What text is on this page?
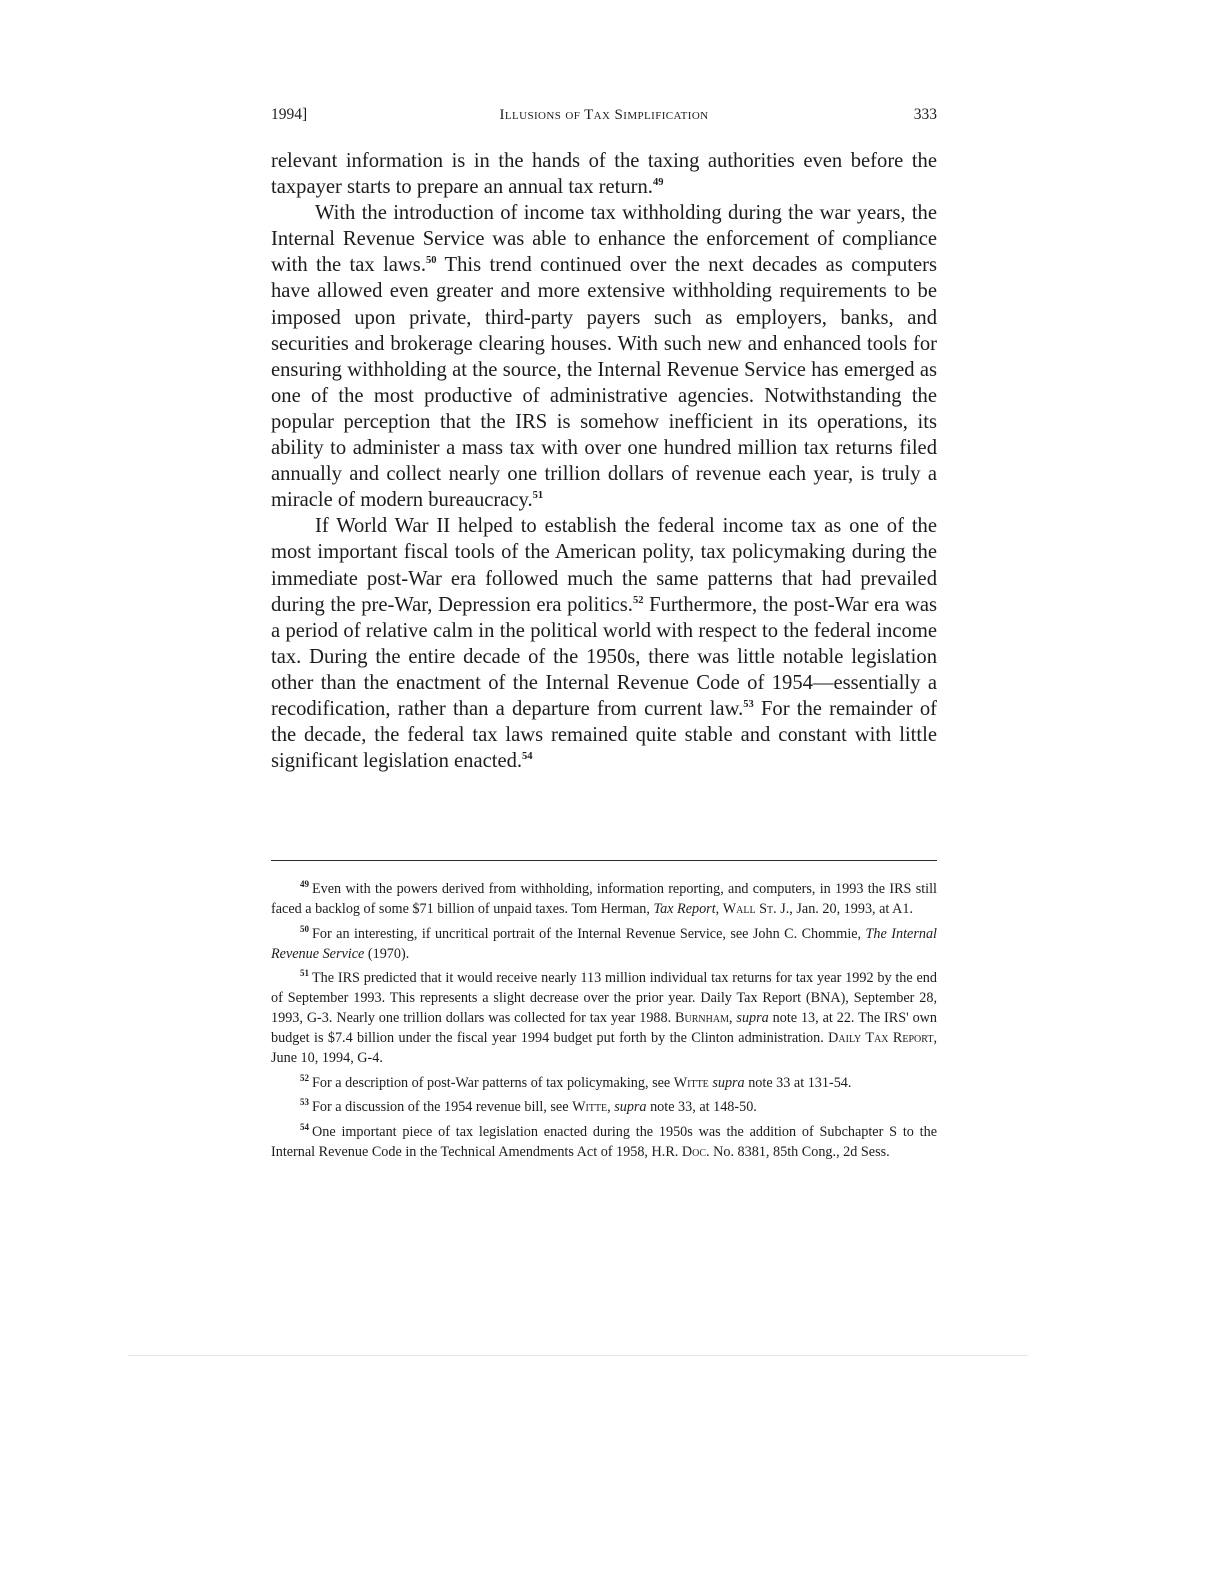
1994]	Illusions of Tax Simplification	333

relevant information is in the hands of the taxing authorities even before the taxpayer starts to prepare an annual tax return.$^{49}$

With the introduction of income tax withholding during the war years, the Internal Revenue Service was able to enhance the enforcement of compliance with the tax laws.$^{50}$ This trend continued over the next decades as computers have allowed even greater and more extensive withholding requirements to be imposed upon private, third-party payers such as employers, banks, and securities and brokerage clearing houses. With such new and enhanced tools for ensuring withholding at the source, the Internal Revenue Service has emerged as one of the most productive of administrative agencies. Notwithstanding the popular perception that the IRS is somehow inefficient in its operations, its ability to administer a mass tax with over one hundred million tax returns filed annually and collect nearly one trillion dollars of revenue each year, is truly a miracle of modern bureaucracy.$^{51}$

If World War II helped to establish the federal income tax as one of the most important fiscal tools of the American polity, tax policymaking during the immediate post-War era followed much the same patterns that had prevailed during the pre-War, Depression era politics.$^{52}$ Furthermore, the post-War era was a period of relative calm in the political world with respect to the federal income tax. During the entire decade of the 1950s, there was little notable legislation other than the enactment of the Internal Revenue Code of 1954—essentially a recodification, rather than a departure from current law.$^{53}$ For the remainder of the decade, the federal tax laws remained quite stable and constant with little significant legislation enacted.$^{54}$

$^{49}$ Even with the powers derived from withholding, information reporting, and computers, in 1993 the IRS still faced a backlog of some $71 billion of unpaid taxes. Tom Herman, Tax Report, Wall St. J., Jan. 20, 1993, at A1.

$^{50}$ For an interesting, if uncritical portrait of the Internal Revenue Service, see John C. Chommie, The Internal Revenue Service (1970).

$^{51}$ The IRS predicted that it would receive nearly 113 million individual tax returns for tax year 1992 by the end of September 1993. This represents a slight decrease over the prior year. Daily Tax Report (BNA), September 28, 1993, G-3. Nearly one trillion dollars was collected for tax year 1988. Burnham, supra note 13, at 22. The IRS' own budget is $7.4 billion under the fiscal year 1994 budget put forth by the Clinton administration. Daily Tax Report, June 10, 1994, G-4.

$^{52}$ For a description of post-War patterns of tax policymaking, see Witte supra note 33 at 131-54.

$^{53}$ For a discussion of the 1954 revenue bill, see Witte, supra note 33, at 148-50.

$^{54}$ One important piece of tax legislation enacted during the 1950s was the addition of Subchapter S to the Internal Revenue Code in the Technical Amendments Act of 1958, H.R. Doc. No. 8381, 85th Cong., 2d Sess.
